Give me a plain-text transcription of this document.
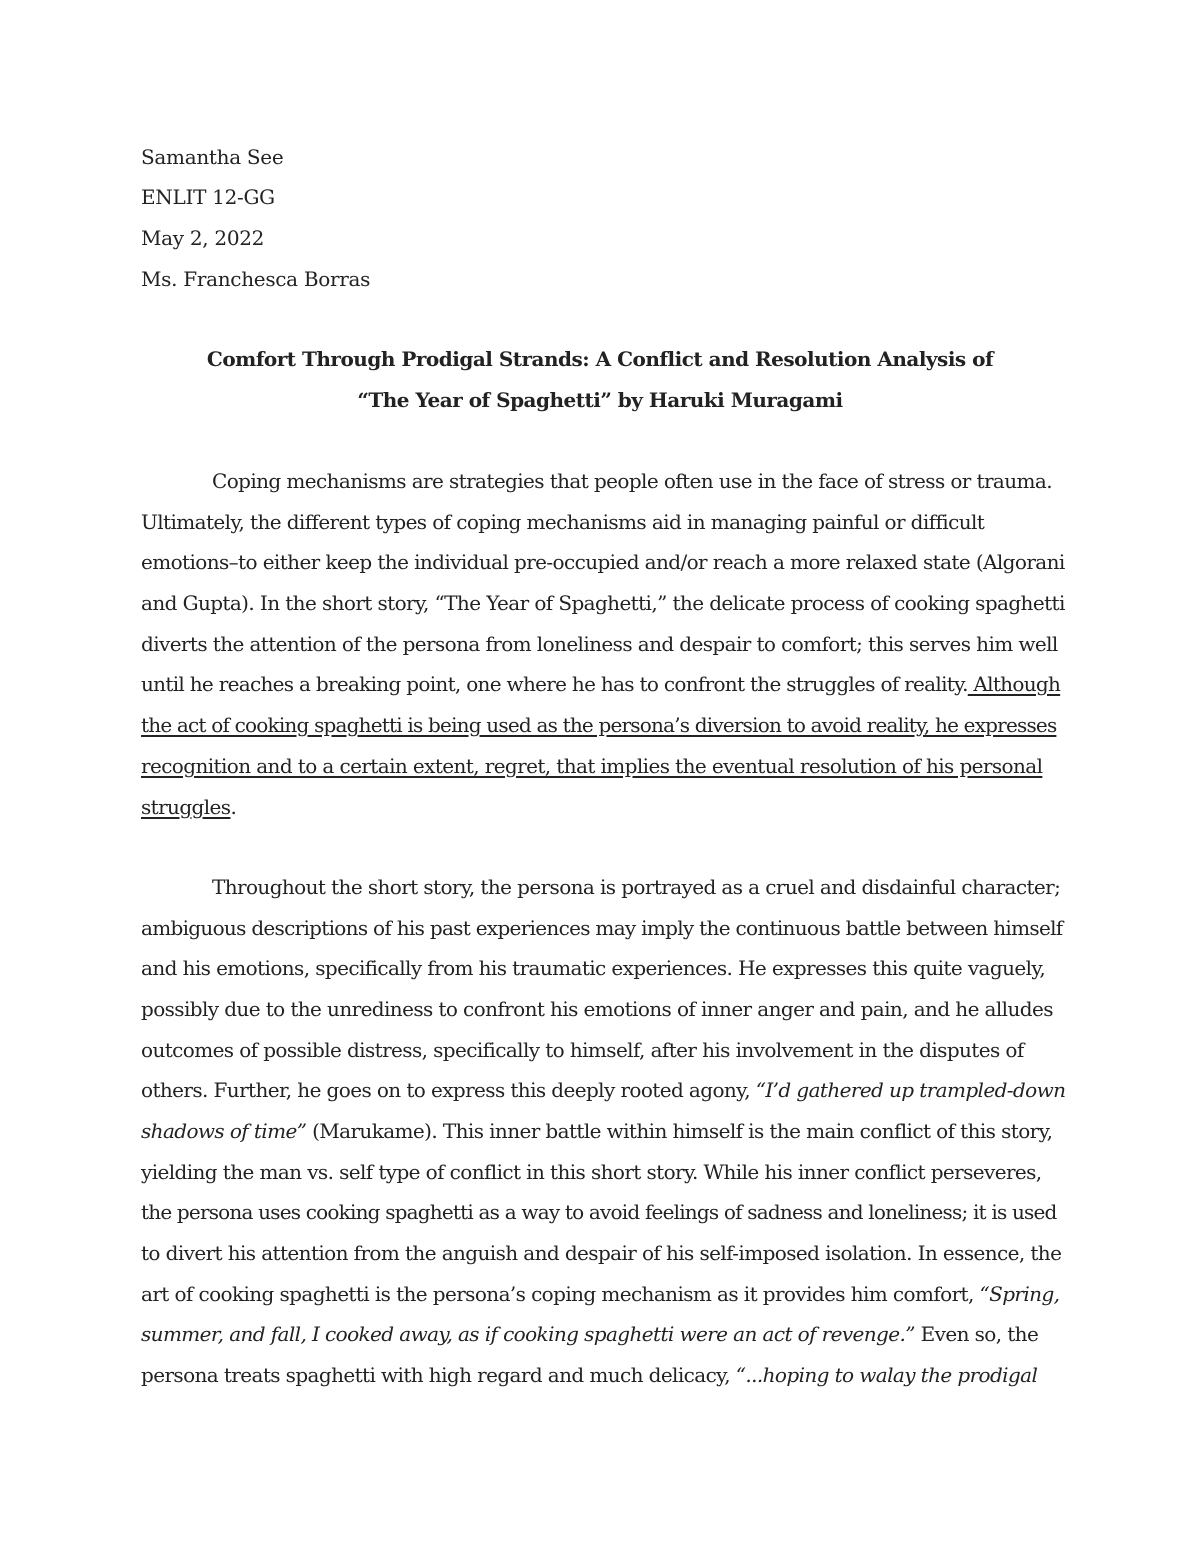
Samantha See
ENLIT 12-GG
May 2, 2022
Ms. Franchesca Borras
Comfort Through Prodigal Strands: A Conflict and Resolution Analysis of
“The Year of Spaghetti” by Haruki Muragami
Coping mechanisms are strategies that people often use in the face of stress or trauma.
Ultimately, the different types of coping mechanisms aid in managing painful or difficult
emotions–to either keep the individual pre-occupied and/or reach a more relaxed state (Algorani
and Gupta). In the short story, “The Year of Spaghetti,” the delicate process of cooking spaghetti
diverts the attention of the persona from loneliness and despair to comfort; this serves him well
until he reaches a breaking point, one where he has to confront the struggles of reality. Although
the act of cooking spaghetti is being used as the persona’s diversion to avoid reality, he expresses
recognition and to a certain extent, regret, that implies the eventual resolution of his personal
struggles.
Throughout the short story, the persona is portrayed as a cruel and disdainful character;
ambiguous descriptions of his past experiences may imply the continuous battle between himself
and his emotions, specifically from his traumatic experiences. He expresses this quite vaguely,
possibly due to the unrediness to confront his emotions of inner anger and pain, and he alludes
outcomes of possible distress, specifically to himself, after his involvement in the disputes of
others. Further, he goes on to express this deeply rooted agony, “I’d gathered up trampled-down
shadows of time” (Marukame). This inner battle within himself is the main conflict of this story,
yielding the man vs. self type of conflict in this short story. While his inner conflict perseveres,
the persona uses cooking spaghetti as a way to avoid feelings of sadness and loneliness; it is used
to divert his attention from the anguish and despair of his self-imposed isolation. In essence, the
art of cooking spaghetti is the persona’s coping mechanism as it provides him comfort, “Spring,
summer, and fall, I cooked away, as if cooking spaghetti were an act of revenge.” Even so, the
persona treats spaghetti with high regard and much delicacy, “...hoping to walay the prodigal
